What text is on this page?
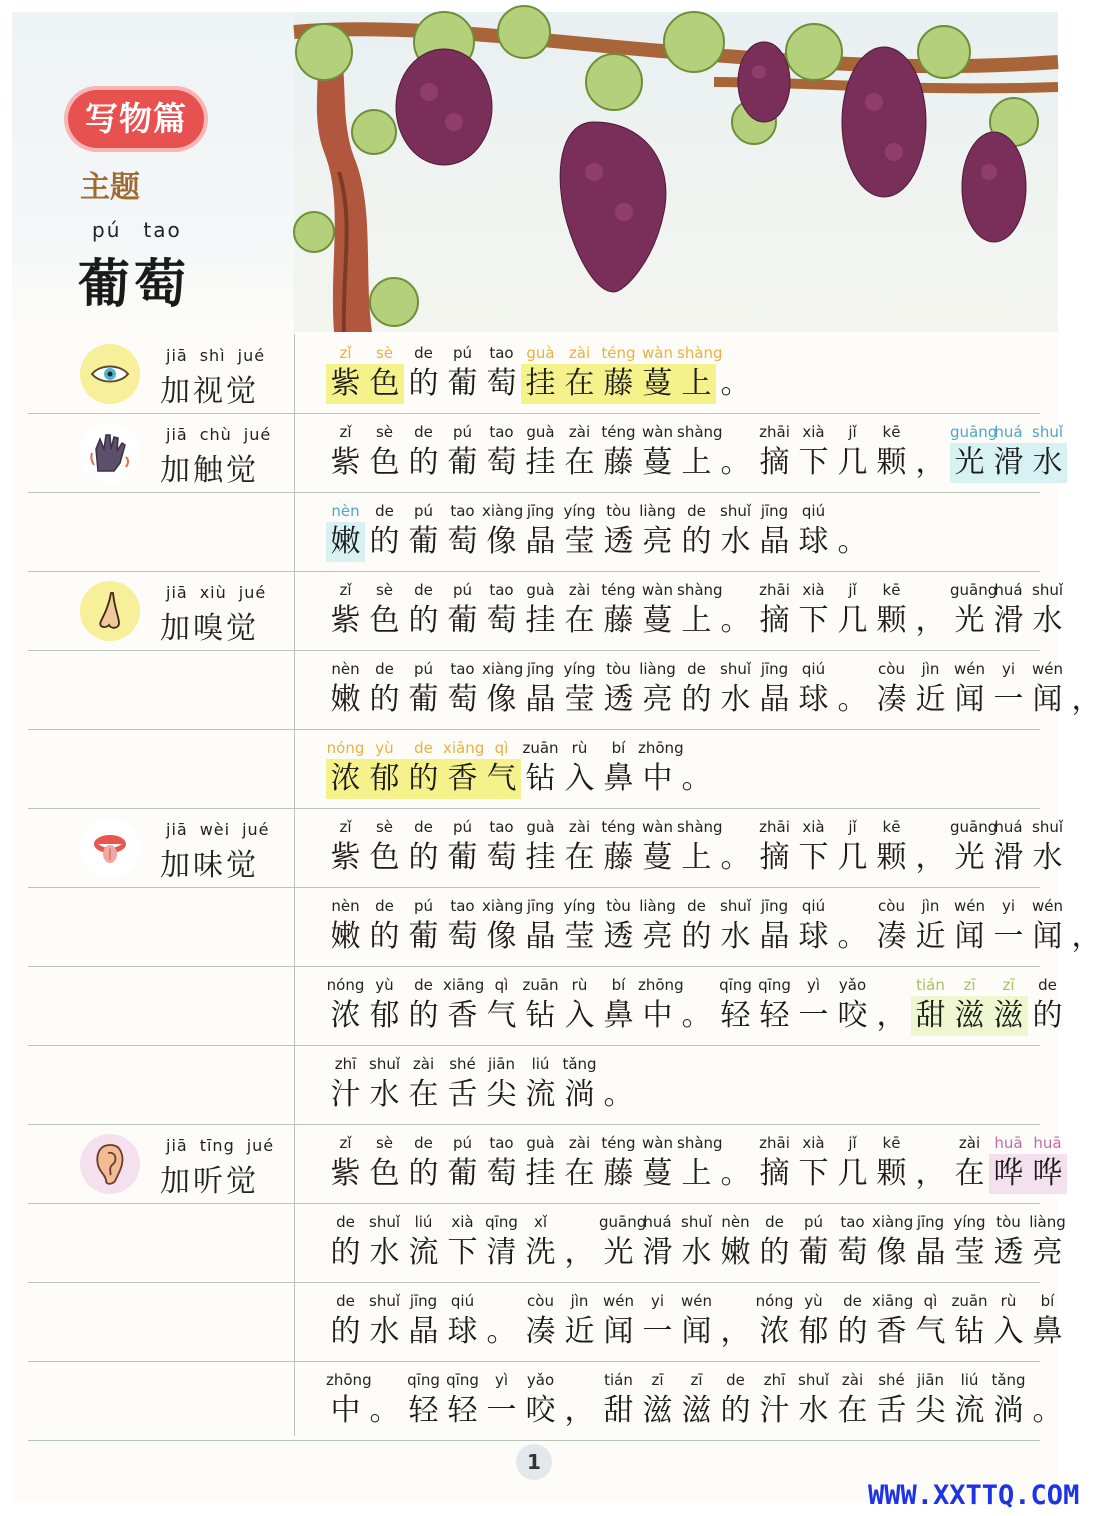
写物篇
主题
pú tao
葡萄
jiā shì jué
加视觉
zǐ
紫
sè
色
de
的
pú
葡
tao
萄
guà
挂
zài
在
téng
藤
wàn
蔓
shàng
上 。
jiā chù jué
加触觉
zǐ
紫
sè
色
de
的
pú
葡
tao
萄
guà
挂
zài
在
téng
藤
wàn
蔓
shàng
上 。
zhāi
摘
xià
下
jǐ
几
kē
颗 ，
guāng
光
huá
滑
shuǐ
水
nèn
嫩
de
的
pú
葡
tao
萄
xiàng
像
jīng
晶
yíng
莹
tòu
透
liàng
亮
de
的
shuǐ
水
jīng
晶
qiú
球 。
jiā xiù jué
加嗅觉
zǐ
紫
sè
色
de
的
pú
葡
tao
萄
guà
挂
zài
在
téng
藤
wàn
蔓
shàng
上 。
zhāi
摘
xià
下
jǐ
几
kē
颗 ，
guāng
光
huá
滑
shuǐ
水
nèn
嫩
de
的
pú
葡
tao
萄
xiàng
像
jīng
晶
yíng
莹
tòu
透
liàng
亮
de
的
shuǐ
水
jīng
晶
qiú
球 。
còu
凑
jìn
近
wén
闻
yi
一
wén
闻 ，
nóng
浓
yù
郁
de
的
xiāng
香
qì
气
zuān
钻
rù
入
bí
鼻
zhōng
中 。
jiā wèi jué
加味觉
zǐ
紫
sè
色
de
的
pú
葡
tao
萄
guà
挂
zài
在
téng
藤
wàn
蔓
shàng
上 。
zhāi
摘
xià
下
jǐ
几
kē
颗 ，
guāng
光
huá
滑
shuǐ
水
nèn
嫩
de
的
pú
葡
tao
萄
xiàng
像
jīng
晶
yíng
莹
tòu
透
liàng
亮
de
的
shuǐ
水
jīng
晶
qiú
球 。
còu
凑
jìn
近
wén
闻
yi
一
wén
闻 ，
nóng
浓
yù
郁
de
的
xiāng
香
qì
气
zuān
钻
rù
入
bí
鼻
zhōng
中 。
qīng
轻
qīng
轻
yì
一
yǎo
咬 ，
tián
甜
zī
滋
zī
滋
de
的
zhī
汁
shuǐ
水
zài
在
shé
舌
jiān
尖
liú
流
tǎng
淌 。
jiā tīng jué
加听觉
zǐ
紫
sè
色
de
的
pú
葡
tao
萄
guà
挂
zài
在
téng
藤
wàn
蔓
shàng
上 。
zhāi
摘
xià
下
jǐ
几
kē
颗 ，
zài
在
huā
哗
huā
哗
de
的
shuǐ
水
liú
流
xià
下
qīng
清
xǐ
洗 ，
guāng
光
huá
滑
shuǐ
水
nèn
嫩
de
的
pú
葡
tao
萄
xiàng
像
jīng
晶
yíng
莹
tòu
透
liàng
亮
de
的
shuǐ
水
jīng
晶
qiú
球 。
còu
凑
jìn
近
wén
闻
yi
一
wén
闻 ，
nóng
浓
yù
郁
de
的
xiāng
香
qì
气
zuān
钻
rù
入
bí
鼻
zhōng
中 。
qīng
轻
qīng
轻
yì
一
yǎo
咬 ，
tián
甜
zī
滋
zī
滋
de
的
zhī
汁
shuǐ
水
zài
在
shé
舌
jiān
尖
liú
流
tǎng
淌 。
1
WWW.XXTTQ.COM
